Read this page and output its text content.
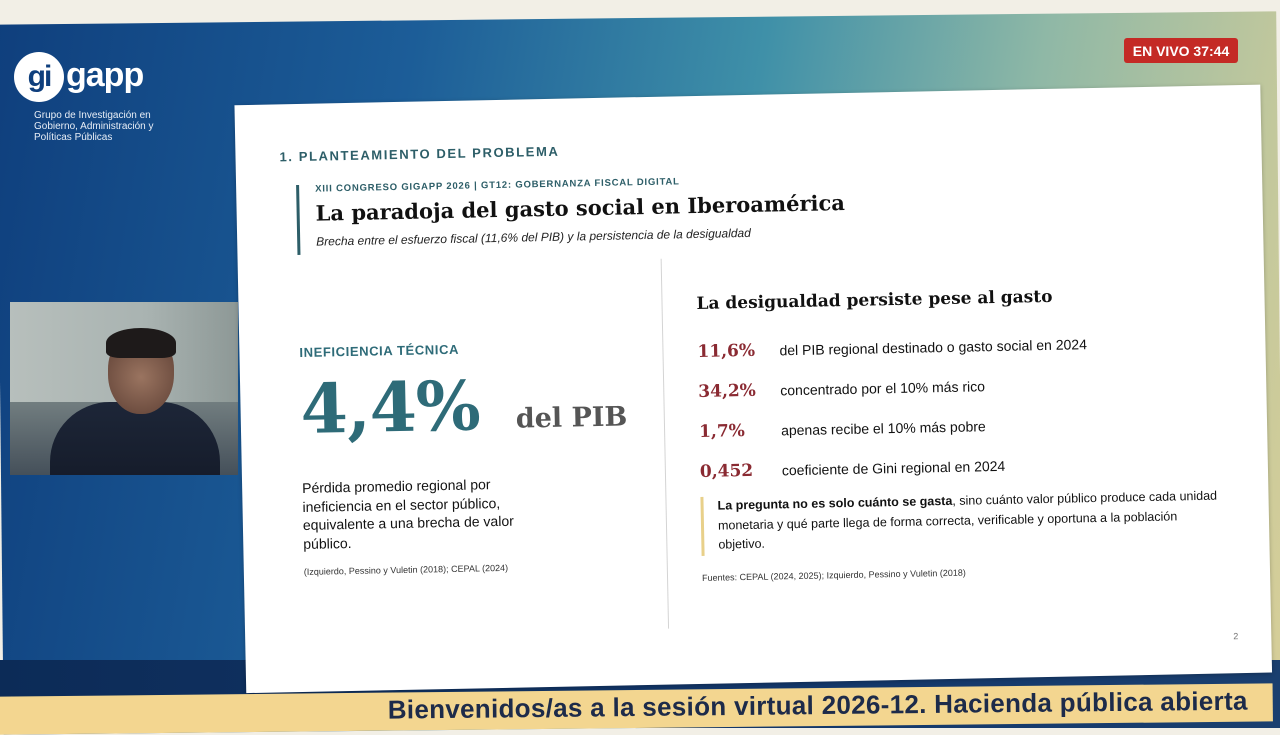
gi gapp
Grupo de Investigación en Gobierno, Administración y Políticas Públicas
EN VIVO 37:44
1. PLANTEAMIENTO DEL PROBLEMA
XIII CONGRESO GIGAPP 2026 | GT12: GOBERNANZA FISCAL DIGITAL
La paradoja del gasto social en Iberoamérica
Brecha entre el esfuerzo fiscal (11,6% del PIB) y la persistencia de la desigualdad
INEFICIENCIA TÉCNICA
4,4% del PIB
Pérdida promedio regional por ineficiencia en el sector público, equivalente a una brecha de valor público.
(Izquierdo, Pessino y Vuletin (2018); CEPAL (2024)
La desigualdad persiste pese al gasto
11,6%	del PIB regional destinado o gasto social en 2024
34,2%	concentrado por el 10% más rico
1,7%	apenas recibe el 10% más pobre
0,452	coeficiente de Gini regional en 2024
La pregunta no es solo cuánto se gasta, sino cuánto valor público produce cada unidad monetaria y qué parte llega de forma correcta, verificable y oportuna a la población objetivo.
Fuentes: CEPAL (2024, 2025); Izquierdo, Pessino y Vuletin (2018)
2
Bienvenidos/as a la sesión virtual 2026-12. Hacienda pública abierta
